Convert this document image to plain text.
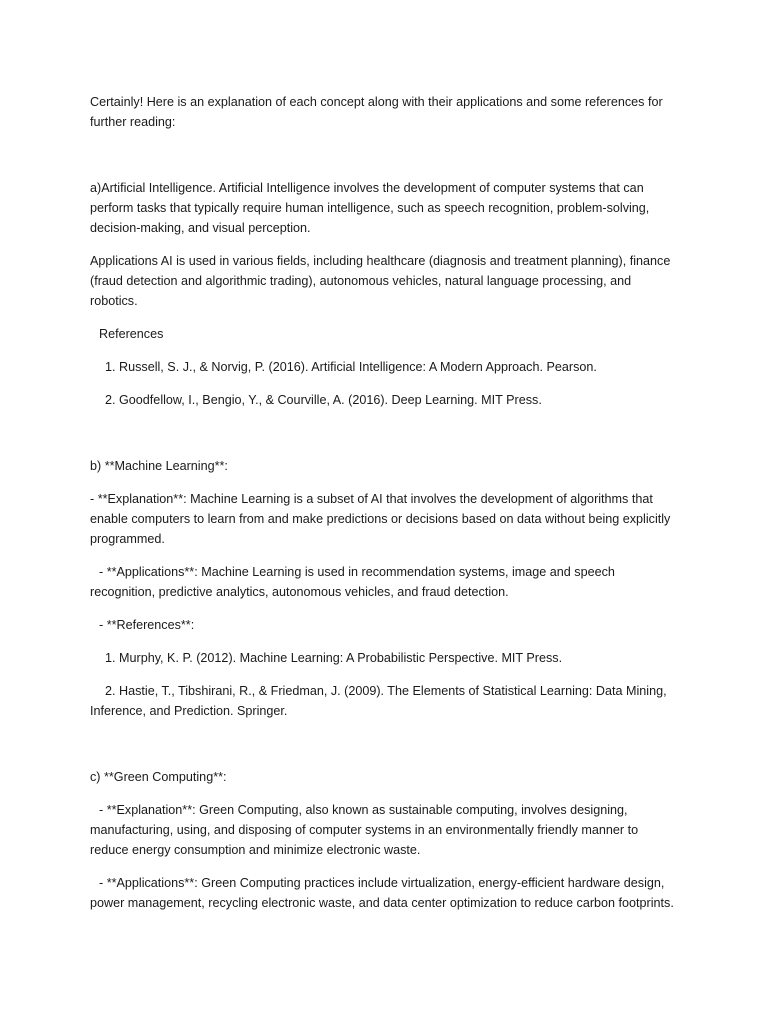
Certainly! Here is an explanation of each concept along with their applications and some references for further reading:

a)Artificial Intelligence. Artificial Intelligence involves the development of computer systems that can perform tasks that typically require human intelligence, such as speech recognition, problem-solving, decision-making, and visual perception.

Applications AI is used in various fields, including healthcare (diagnosis and treatment planning), finance (fraud detection and algorithmic trading), autonomous vehicles, natural language processing, and robotics.

References

1. Russell, S. J., & Norvig, P. (2016). Artificial Intelligence: A Modern Approach. Pearson.

2. Goodfellow, I., Bengio, Y., & Courville, A. (2016). Deep Learning. MIT Press.

b) **Machine Learning**:

- **Explanation**: Machine Learning is a subset of AI that involves the development of algorithms that enable computers to learn from and make predictions or decisions based on data without being explicitly programmed.

- **Applications**: Machine Learning is used in recommendation systems, image and speech recognition, predictive analytics, autonomous vehicles, and fraud detection.

- **References**:

1. Murphy, K. P. (2012). Machine Learning: A Probabilistic Perspective. MIT Press.

2. Hastie, T., Tibshirani, R., & Friedman, J. (2009). The Elements of Statistical Learning: Data Mining, Inference, and Prediction. Springer.

c) **Green Computing**:

- **Explanation**: Green Computing, also known as sustainable computing, involves designing, manufacturing, using, and disposing of computer systems in an environmentally friendly manner to reduce energy consumption and minimize electronic waste.

- **Applications**: Green Computing practices include virtualization, energy-efficient hardware design, power management, recycling electronic waste, and data center optimization to reduce carbon footprints.
